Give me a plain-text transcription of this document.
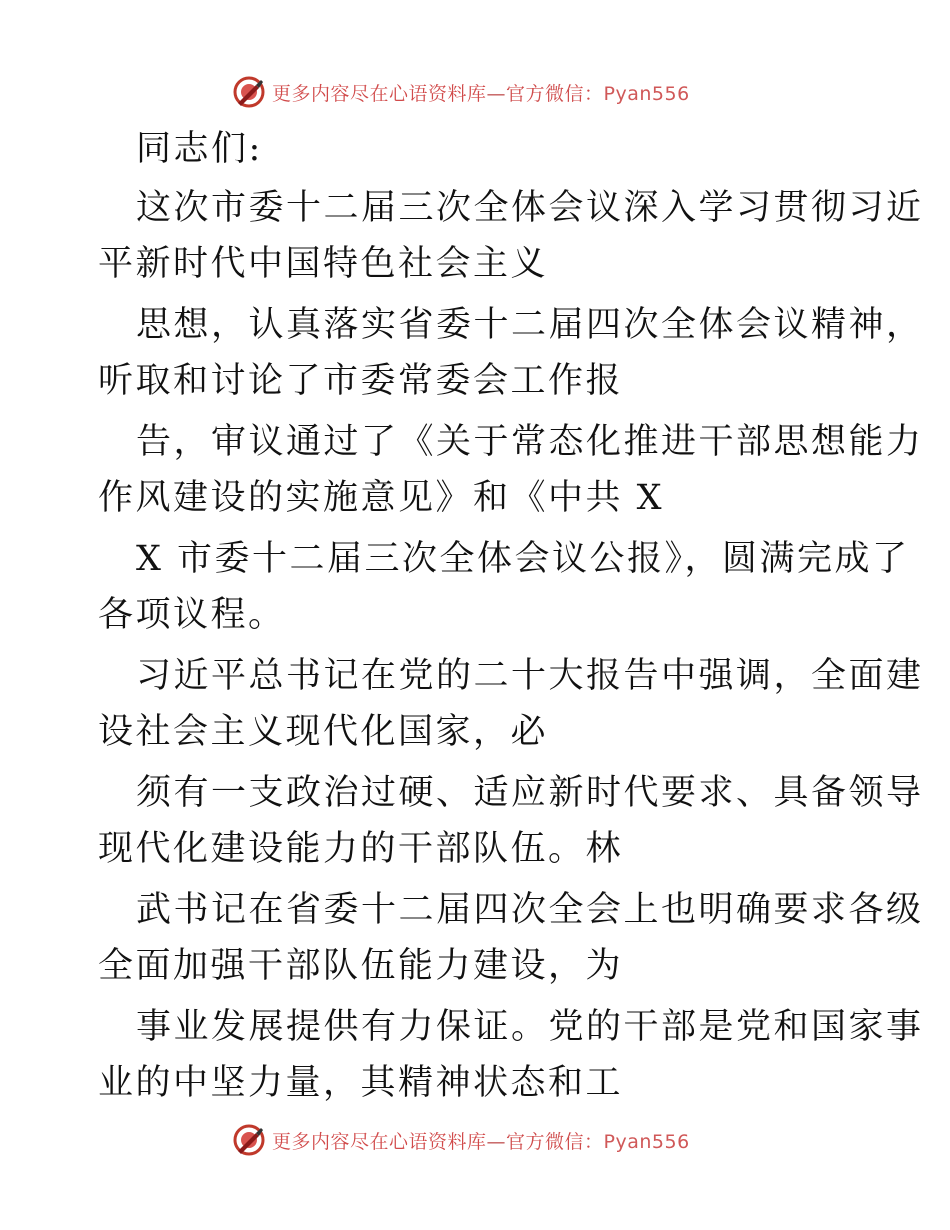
更多内容尽在心语资料库—官方微信：Pyan556
同志们:
这次市委十二届三次全体会议深入学习贯彻习近
平新时代中国特色社会主义
思想，认真落实省委十二届四次全体会议精神，
听取和讨论了市委常委会工作报
告，审议通过了《关于常态化推进干部思想能力
作风建设的实施意见》和《中共 X
X 市委十二届三次全体会议公报》，圆满完成了
各项议程。
习近平总书记在党的二十大报告中强调，全面建
设社会主义现代化国家，必
须有一支政治过硬、适应新时代要求、具备领导
现代化建设能力的干部队伍。林
武书记在省委十二届四次全会上也明确要求各级
全面加强干部队伍能力建设，为
事业发展提供有力保证。党的干部是党和国家事
业的中坚力量，其精神状态和工
更多内容尽在心语资料库—官方微信：Pyan556
